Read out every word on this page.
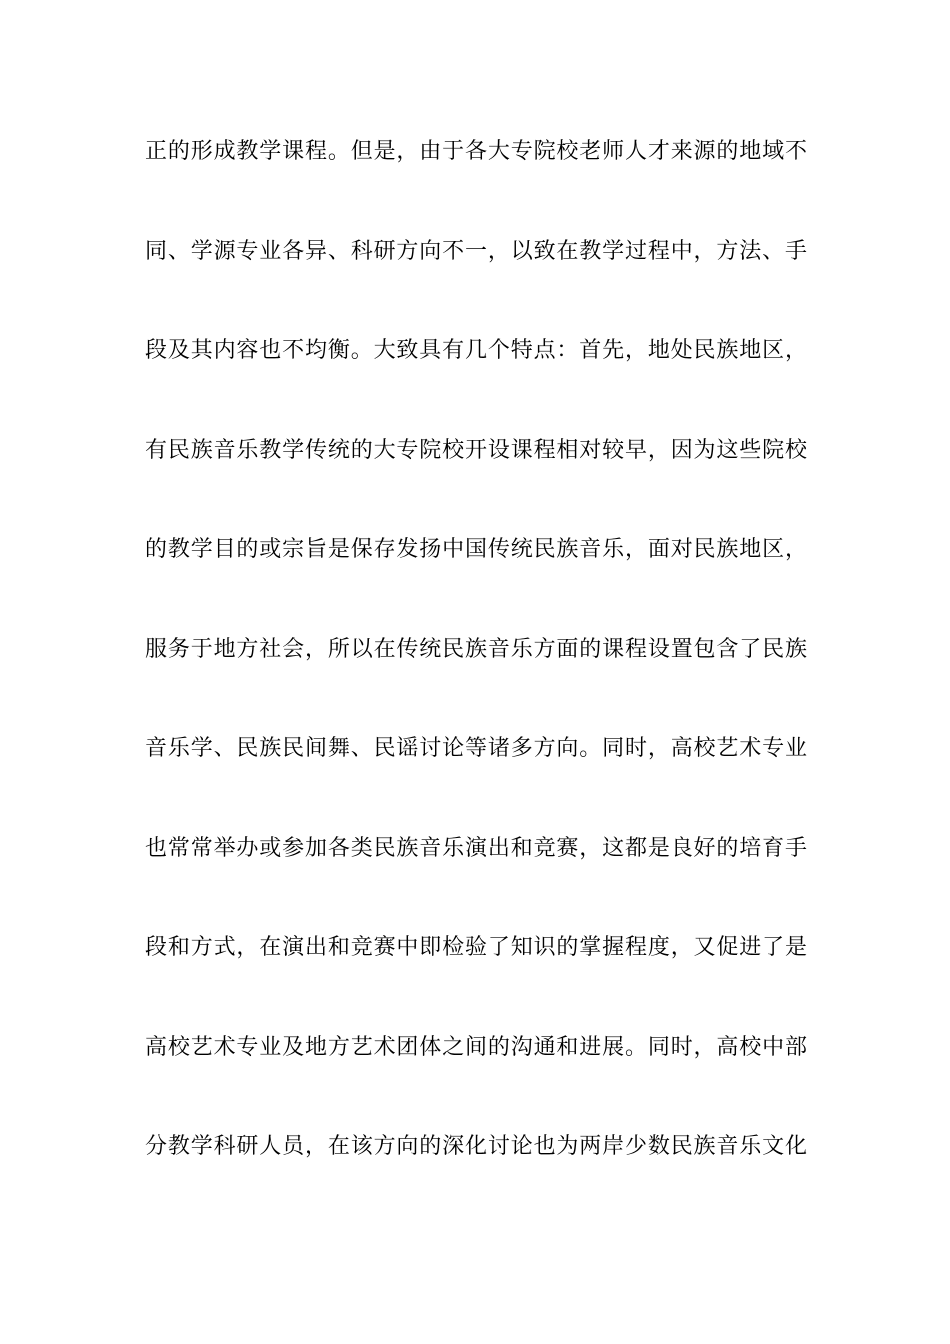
正的形成教学课程。但是，由于各大专院校老师人才来源的地域不
同、学源专业各异、科研方向不一，以致在教学过程中，方法、手
段及其内容也不均衡。大致具有几个特点：首先，地处民族地区，
有民族音乐教学传统的大专院校开设课程相对较早，因为这些院校
的教学目的或宗旨是保存发扬中国传统民族音乐，面对民族地区，
服务于地方社会，所以在传统民族音乐方面的课程设置包含了民族
音乐学、民族民间舞、民谣讨论等诸多方向。同时，高校艺术专业
也常常举办或参加各类民族音乐演出和竞赛，这都是良好的培育手
段和方式，在演出和竞赛中即检验了知识的掌握程度，又促进了是
高校艺术专业及地方艺术团体之间的沟通和进展。同时，高校中部
分教学科研人员，在该方向的深化讨论也为两岸少数民族音乐文化
